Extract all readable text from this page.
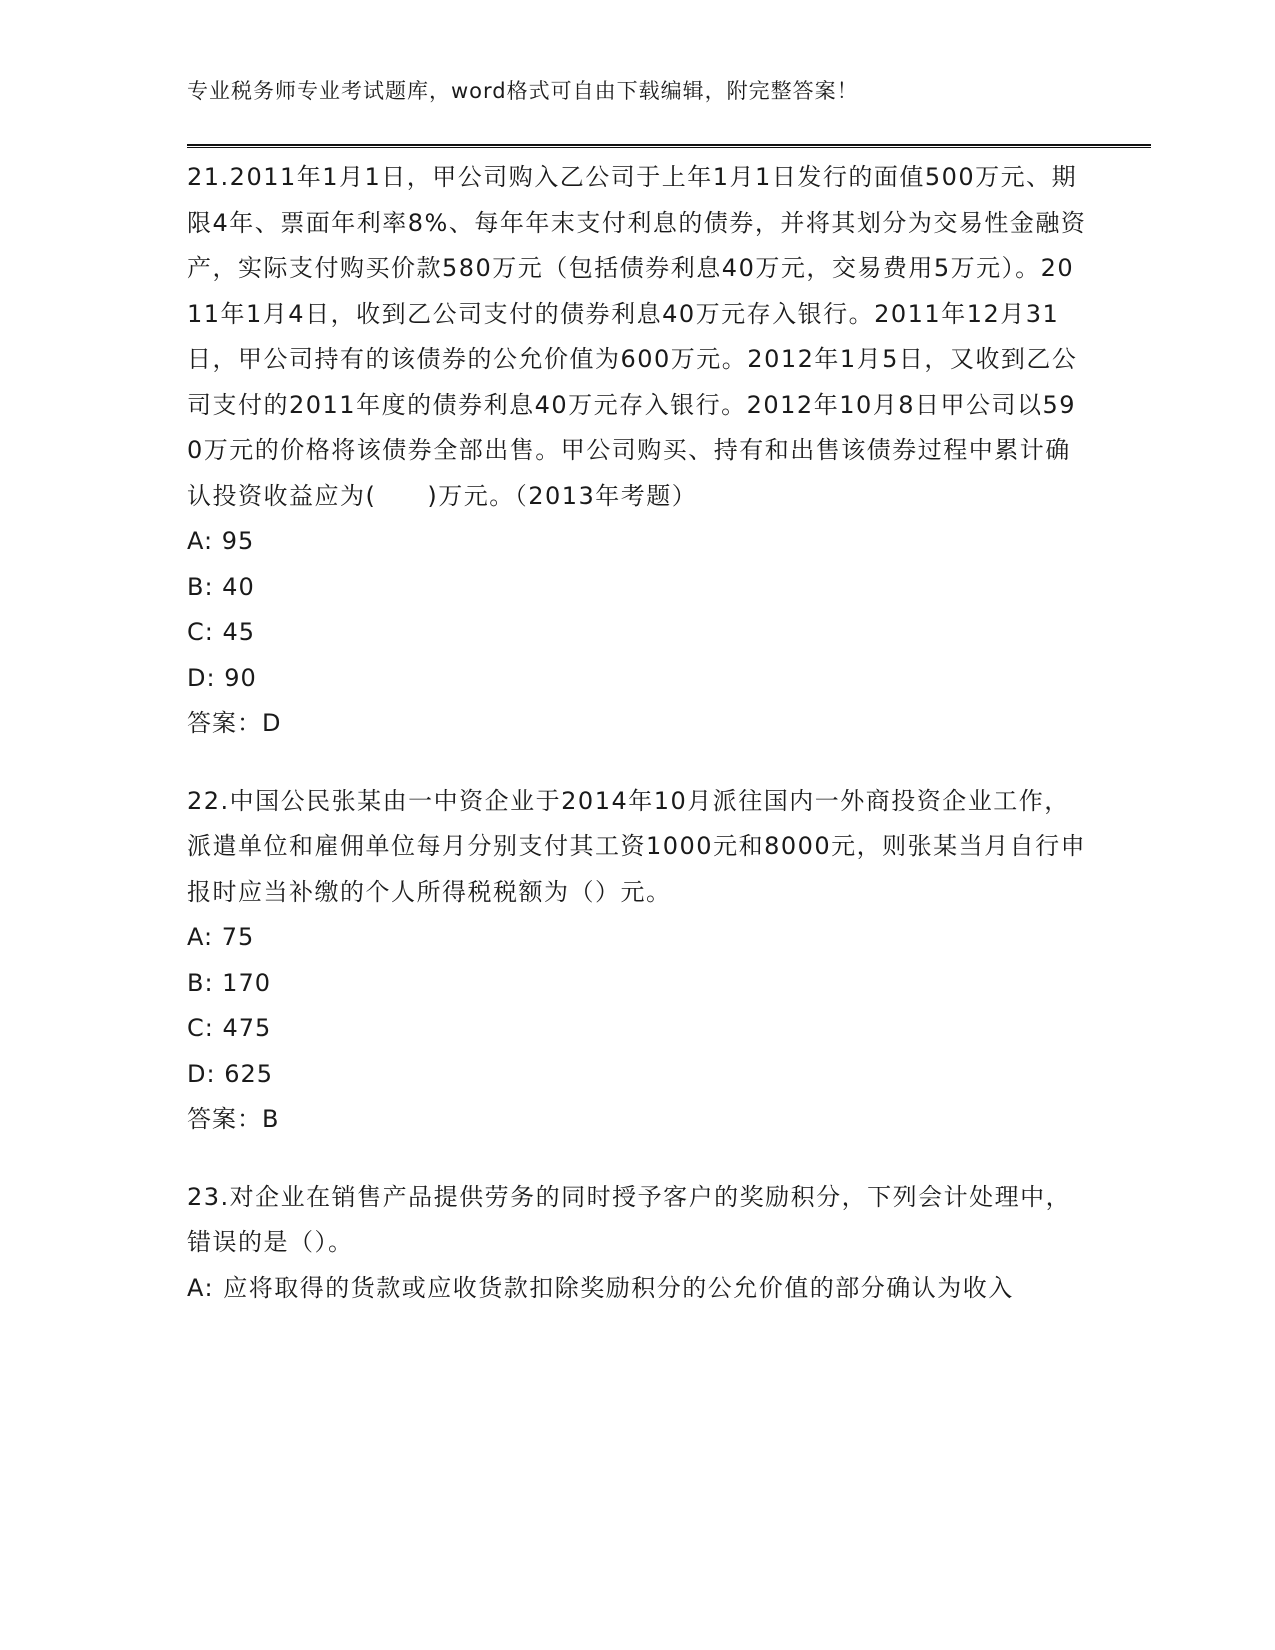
专业税务师专业考试题库，word格式可自由下载编辑，附完整答案！
21.2011年1月1日，甲公司购入乙公司于上年1月1日发行的面值500万元、期限4年、票面年利率8%、每年年末支付利息的债券，并将其划分为交易性金融资产，实际支付购买价款580万元（包括债券利息40万元，交易费用5万元）。2011年1月4日，收到乙公司支付的债券利息40万元存入银行。2011年12月31日，甲公司持有的该债券的公允价值为600万元。2012年1月5日，又收到乙公司支付的2011年度的债券利息40万元存入银行。2012年10月8日甲公司以590万元的价格将该债券全部出售。甲公司购买、持有和出售该债券过程中累计确认投资收益应为(　　)万元。（2013年考题）
A: 95
B: 40
C: 45
D: 90
答案：D
22.中国公民张某由一中资企业于2014年10月派往国内一外商投资企业工作，派遣单位和雇佣单位每月分别支付其工资1000元和8000元，则张某当月自行申报时应当补缴的个人所得税税额为（）元。
A: 75
B: 170
C: 475
D: 625
答案：B
23.对企业在销售产品提供劳务的同时授予客户的奖励积分，下列会计处理中，错误的是（）。
A: 应将取得的货款或应收货款扣除奖励积分的公允价值的部分确认为收入
